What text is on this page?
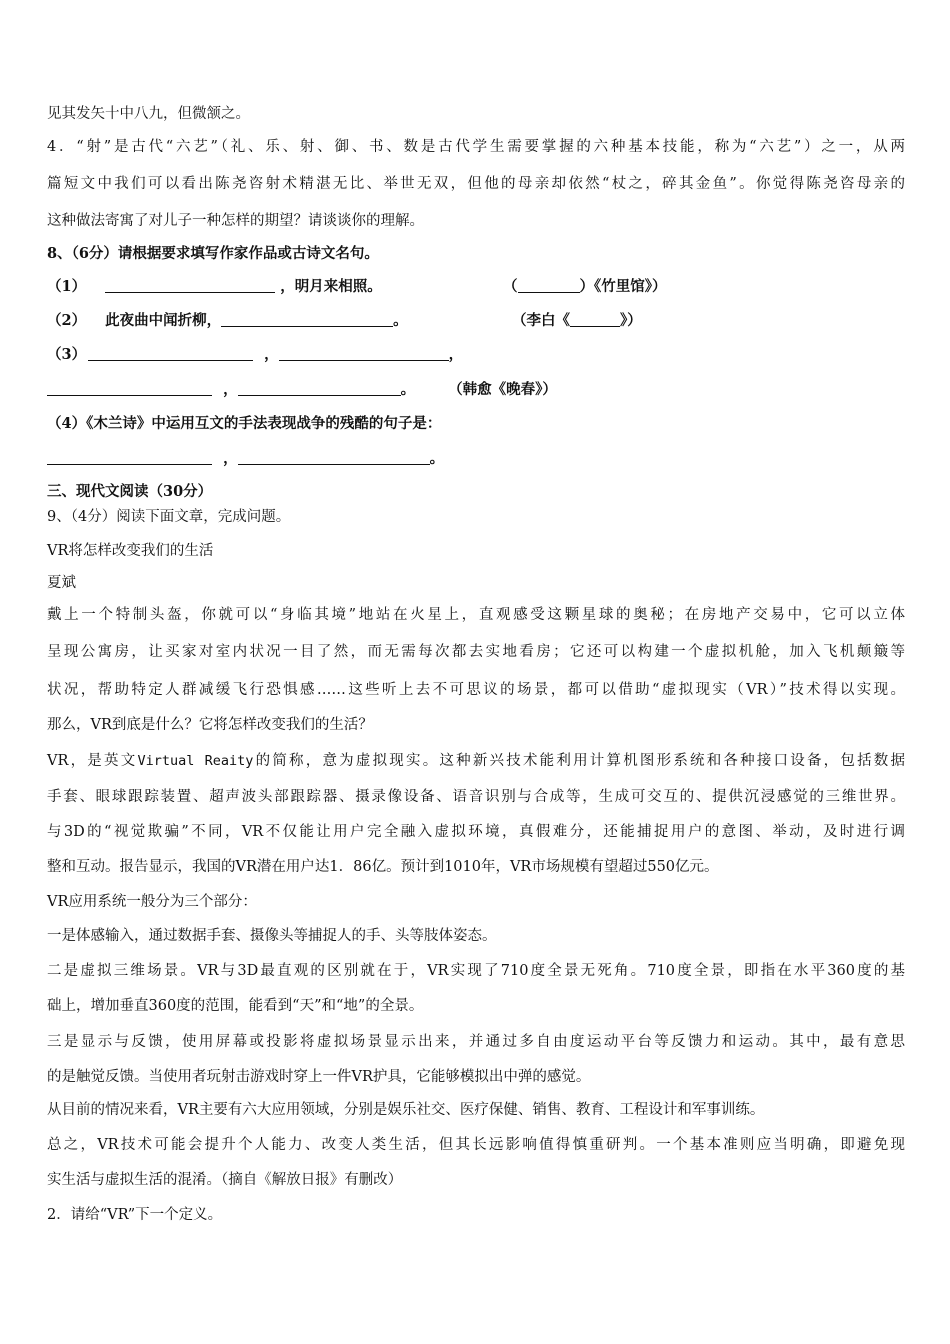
见其发矢十中八九，但微颔之。
4．“射”是古代“六艺”（礼、乐、射、御、书、数是古代学生需要掌握的六种基本技能，称为“六艺”）之一，从两
篇短文中我们可以看出陈尧咨射术精湛无比、举世无双，但他的母亲却依然“杖之，碎其金鱼”。你觉得陈尧咨母亲的
这种做法寄寓了对儿子一种怎样的期望？请谈谈你的理解。
8、（6分）请根据要求填写作家作品或古诗文名句。
（1）	，明月来相照。	（	）《竹里馆》）
（2） 此夜曲中闻折柳，	。	（李白《	》）
（3）	，	，
，	。 （韩愈《晚春》）
（4）《木兰诗》中运用互文的手法表现战争的残酷的句子是：
，	。
三、现代文阅读（30分）
9、（4分）阅读下面文章，完成问题。
VR将怎样改变我们的生活
夏斌
戴上一个特制头盔，你就可以“身临其境”地站在火星上，直观感受这颗星球的奥秘；在房地产交易中，它可以立体
呈现公寓房，让买家对室内状况一目了然，而无需每次都去实地看房；它还可以构建一个虚拟机舱，加入飞机颠簸等
状况，帮助特定人群减缓飞行恐惧感……这些听上去不可思议的场景，都可以借助“虚拟现实（VR）”技术得以实现。
那么，VR到底是什么？它将怎样改变我们的生活？
VR，是英文Virtual Reaity的简称，意为虚拟现实。这种新兴技术能利用计算机图形系统和各种接口设备，包括数据
手套、眼球跟踪装置、超声波头部跟踪器、摄录像设备、语音识别与合成等，生成可交互的、提供沉浸感觉的三维世界。
与3D的“视觉欺骗”不同，VR不仅能让用户完全融入虚拟环境，真假难分，还能捕捉用户的意图、举动，及时进行调
整和互动。报告显示，我国的VR潜在用户达1．86亿。预计到1010年，VR市场规模有望超过550亿元。
VR应用系统一般分为三个部分：
一是体感输入，通过数据手套、摄像头等捕捉人的手、头等肢体姿态。
二是虚拟三维场景。VR与3D最直观的区别就在于，VR实现了710度全景无死角。710度全景，即指在水平360度的基
础上，增加垂直360度的范围，能看到“天”和“地”的全景。
三是显示与反馈，使用屏幕或投影将虚拟场景显示出来，并通过多自由度运动平台等反馈力和运动。其中，最有意思
的是触觉反馈。当使用者玩射击游戏时穿上一件VR护具，它能够模拟出中弹的感觉。
从目前的情况来看，VR主要有六大应用领域，分别是娱乐社交、医疗保健、销售、教育、工程设计和军事训练。
总之，VR技术可能会提升个人能力、改变人类生活，但其长远影响值得慎重研判。一个基本准则应当明确，即避免现
实生活与虚拟生活的混淆。（摘自《解放日报》有删改）
2．请给“VR”下一个定义。
